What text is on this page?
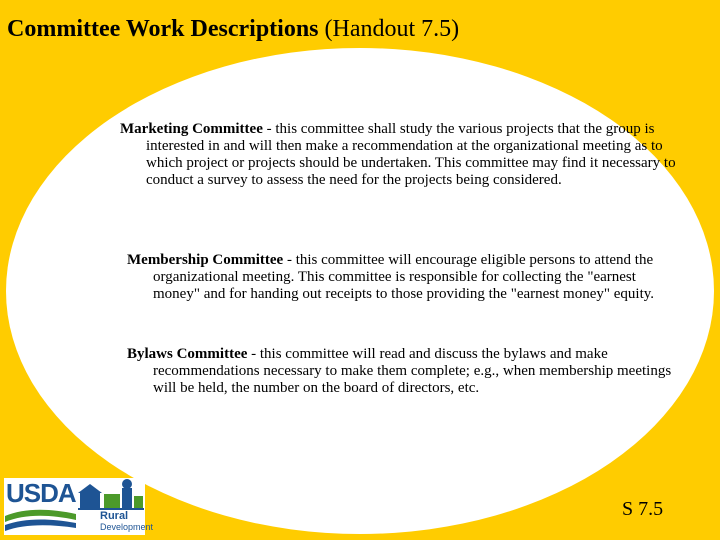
Committee Work Descriptions (Handout 7.5)
Marketing Committee - this committee shall study the various projects that the group is interested in and will then make a recommendation at the organizational meeting as to which project or projects should be undertaken. This committee may find it necessary to conduct a survey to assess the need for the projects being considered.
Membership Committee - this committee will encourage eligible persons to attend the organizational meeting. This committee is responsible for collecting the "earnest money" and for handing out receipts to those providing the "earnest money" equity.
Bylaws Committee - this committee will read and discuss the bylaws and make recommendations necessary to make them complete; e.g., when membership meetings will be held, the number on the board of directors, etc.
USDA
Rural
Development
S 7.5
